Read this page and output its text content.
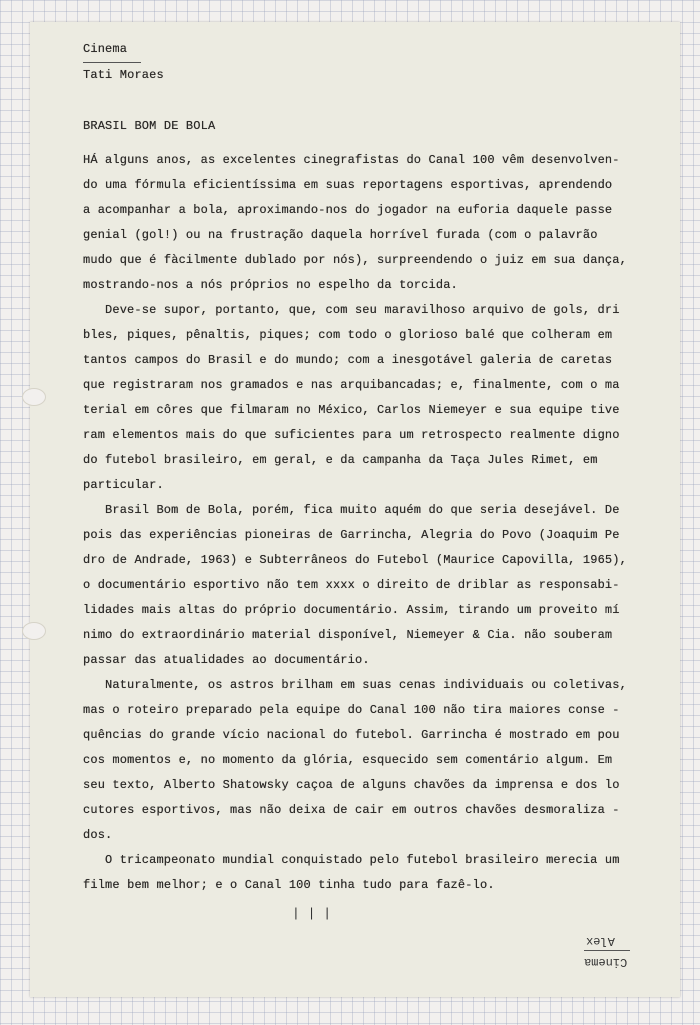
Cinema
Tati Moraes
BRASIL BOM DE BOLA
HÁ alguns anos, as excelentes cinegrafistas do Canal 100 vêm desenvolven-
do uma fórmula eficientíssima em suas reportagens esportivas, aprendendo
a acompanhar a bola, aproximando-nos do jogador na euforia daquele passe
genial (gol!) ou na frustração daquela horrível furada (com o palavrão
mudo que é fàcilmente dublado por nós), surpreendendo o juiz em sua dança,
mostrando-nos a nós próprios no espelho da torcida.
Deve-se supor, portanto, que, com seu maravilhoso arquivo de gols, dri
bles, piques, pênaltis, piques; com todo o glorioso balé que colheram em
tantos campos do Brasil e do mundo; com a inesgotável galeria de caretas
que registraram nos gramados e nas arquibancadas; e, finalmente, com o ma
terial em côres que filmaram no México, Carlos Niemeyer e sua equipe tive
ram elementos mais do que suficientes para um retrospecto realmente digno
do futebol brasileiro, em geral, e da campanha da Taça Jules Rimet, em
particular.
Brasil Bom de Bola, porém, fica muito aquém do que seria desejável. De
pois das experiências pioneiras de Garrincha, Alegria do Povo (Joaquim Pe
dro de Andrade, 1963) e Subterrâneos do Futebol (Maurice Capovilla, 1965),
o documentário esportivo não tem xxxx o direito de driblar as responsabi-
lidades mais altas do próprio documentário. Assim, tirando um proveito mí
nimo do extraordinário material disponível, Niemeyer & Cia. não souberam
passar das atualidades ao documentário.
Naturalmente, os astros brilham em suas cenas individuais ou coletivas,
mas o roteiro preparado pela equipe do Canal 100 não tira maiores conse -
quências do grande vício nacional do futebol. Garrincha é mostrado em pou
cos momentos e, no momento da glória, esquecido sem comentário algum. Em
seu texto, Alberto Shatowsky caçoa de alguns chavões da imprensa e dos lo
cutores esportivos, mas não deixa de cair em outros chavões desmoraliza -
dos.
O tricampeonato mundial conquistado pelo futebol brasileiro merecia um
filme bem melhor; e o Canal 100 tinha tudo para fazê-lo.
| | |
Alex
Cinema
